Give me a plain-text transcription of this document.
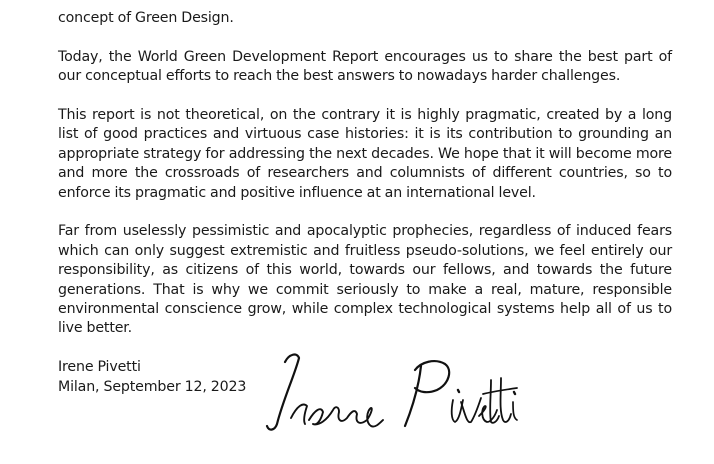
concept of Green Design.

Today, the World Green Development Report encourages us to share the best part of our conceptual efforts to reach the best answers to nowadays harder challenges.

This report is not theoretical, on the contrary it is highly pragmatic, created by a long list of good practices and virtuous case histories: it is its contribution to grounding an appropriate strategy for addressing the next decades. We hope that it will become more and more the crossroads of researchers and columnists of different countries, so to enforce its pragmatic and positive influence at an international level.

Far from uselessly pessimistic and apocalyptic prophecies, regardless of induced fears which can only suggest extremistic and fruitless pseudo-solutions, we feel entirely our responsibility, as citizens of this world, towards our fellows, and towards the future generations. That is why we commit seriously to make a real, mature, responsible environmental conscience grow, while complex technological systems help all of us to live better.

Irene Pivetti
Milan, September 12, 2023
